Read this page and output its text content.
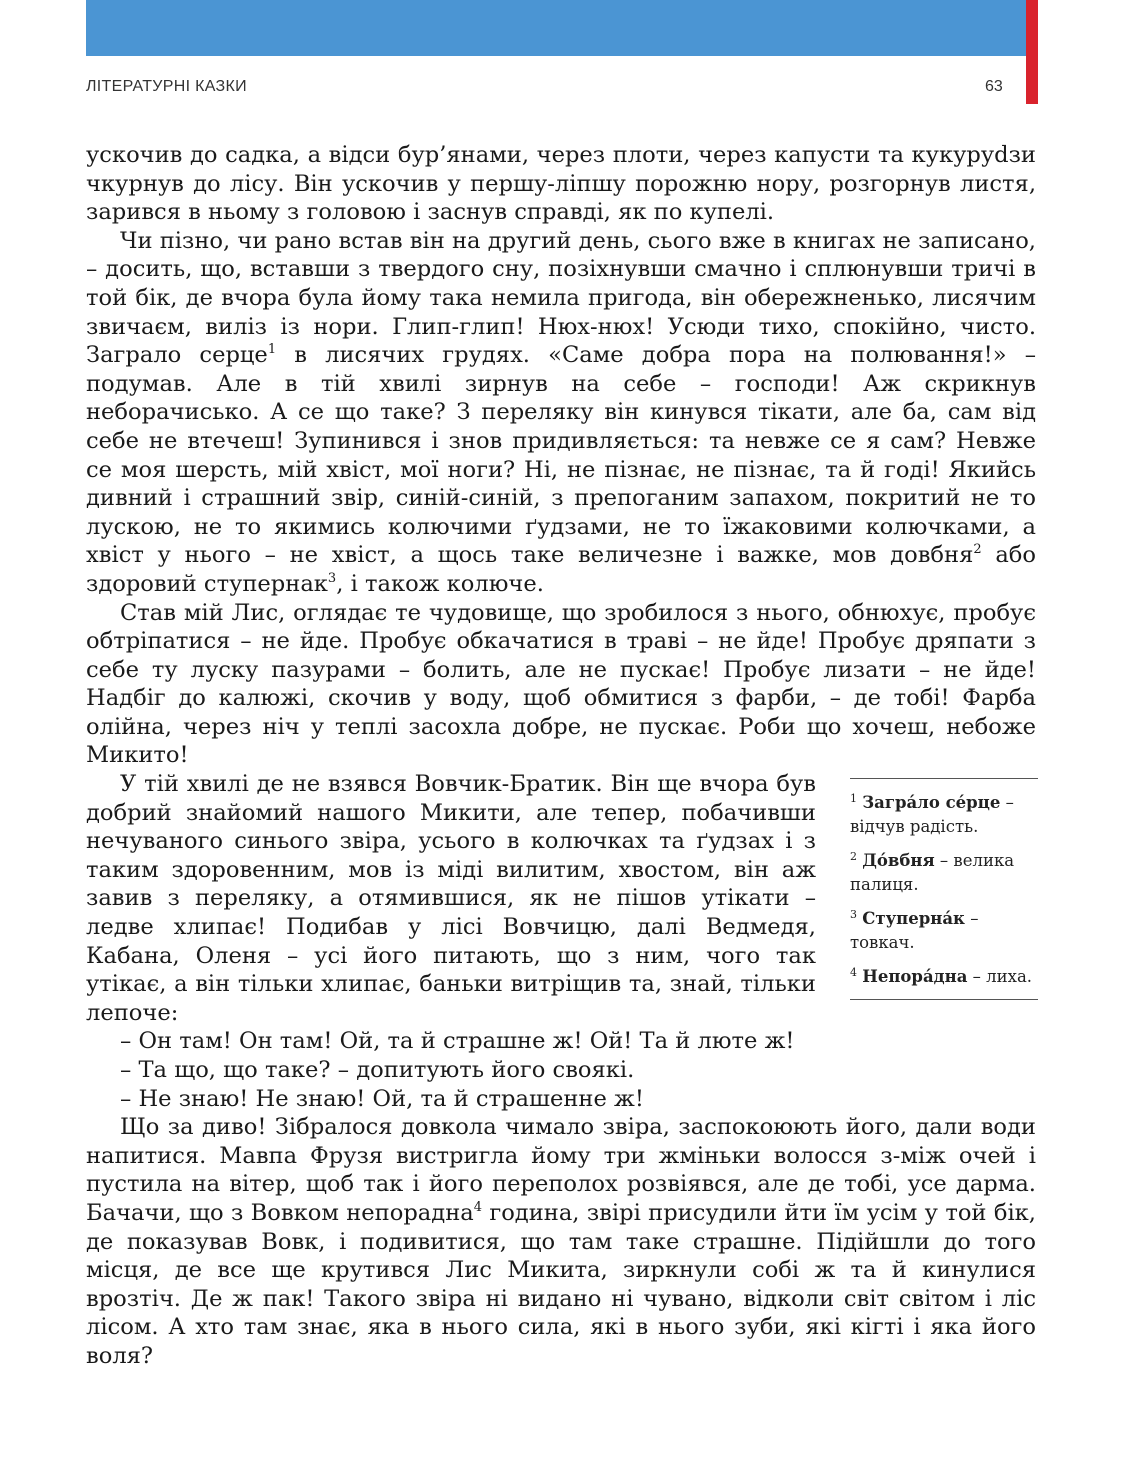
ЛІТЕРАТУРНІ КАЗКИ	63

ускочив до садка, а відси бур’янами, через плоти, через капусти та кукуруdзи чкурнув до лісу. Він ускочив у першу-ліпшу порожню нору, розгорнув листя, зарився в ньому з головою і заснув справді, як по купелі.

Чи пізно, чи рано встав він на другий день, сього вже в книгах не записано, – досить, що, вставши з твердого сну, позіхнувши смачно і сплюнувши тричі в той бік, де вчора була йому така немила пригода, він обережненько, лисячим звичаєм, виліз із нори. Глип-глип! Нюх-нюх! Усюди тихо, спокійно, чисто. Заграло серце$^1$ в лисячих грудях. «Саме добра пора на полювання!» – подумав. Але в тій хвилі зирнув на себе – господи! Аж скрикнув неборачисько. А се що таке? З переляку він кинувся тікати, але ба, сам від себе не втечеш! Зупинився і знов придивляється: та невже се я сам? Невже се моя шерсть, мій хвіст, мої ноги? Ні, не пізнає, не пізнає, та й годі! Якийсь дивний і страшний звір, синій-синій, з препоганим запахом, покритий не то лускою, не то якимись колючими ґудзами, не то їжаковими колючками, а хвіст у нього – не хвіст, а щось таке величезне і важке, мов довбня$^2$ або здоровий ступернак$^3$, і також колюче.

Став мій Лис, оглядає те чудовище, що зробилося з нього, обнюхує, пробує обтріпатися – не йде. Пробує обкачатися в траві – не йде! Пробує дряпати з себе ту луску пазурами – болить, але не пускає! Пробує лизати – не йде! Надбіг до калюжі, скочив у воду, щоб обмитися з фарби, – де тобі! Фарба олійна, через ніч у теплі засохла добре, не пускає. Роби що хочеш, небоже Микито!

У тій хвилі де не взявся Вовчик-Братик. Він ще вчора був добрий знайомий нашого Микити, але тепер, побачивши нечуваного синього звіра, усього в колючках та ґудзах і з таким здоровенним, мов із міді вилитим, хвостом, він аж завив з переляку, а отямившися, як не пішов утікати – ледве хлипає! Подибав у лісі Вовчицю, далі Ведмедя, Кабана, Оленя – усі його питають, що з ним, чого так утікає, а він тільки хлипає, баньки витріщив та, знай, тільки лепоче:

– Он там! Он там! Ой, та й страшне ж! Ой! Та й люте ж!

– Та що, що таке? – допитують його своякі.

– Не знаю! Не знаю! Ой, та й страшенне ж!

Що за диво! Зібралося довкола чимало звіра, заспокоюють його, дали води напитися. Мавпа Фрузя вистригла йому три жміньки волосся з-між очей і пустила на вітер, щоб так і його переполох розвіявся, але де тобі, усе дарма. Бачачи, що з Вовком непорадна$^4$ година, звірі присудили йти їм усім у той бік, де показував Вовк, і подивитися, що там таке страшне. Підійшли до того місця, де все ще крутився Лис Микита, зиркнули собі ж та й кинулися врозтіч. Де ж пак! Такого звіра ні видано ні чувано, відколи світ світом і ліс лісом. А хто там знає, яка в нього сила, які в нього зуби, які кігті і яка його воля?

$^1$ Загра́ло се́рце – відчув радість.
$^2$ До́вбня – велика палиця.
$^3$ Ступерна́к – товкач.
$^4$ Непора́дна – лиха.
